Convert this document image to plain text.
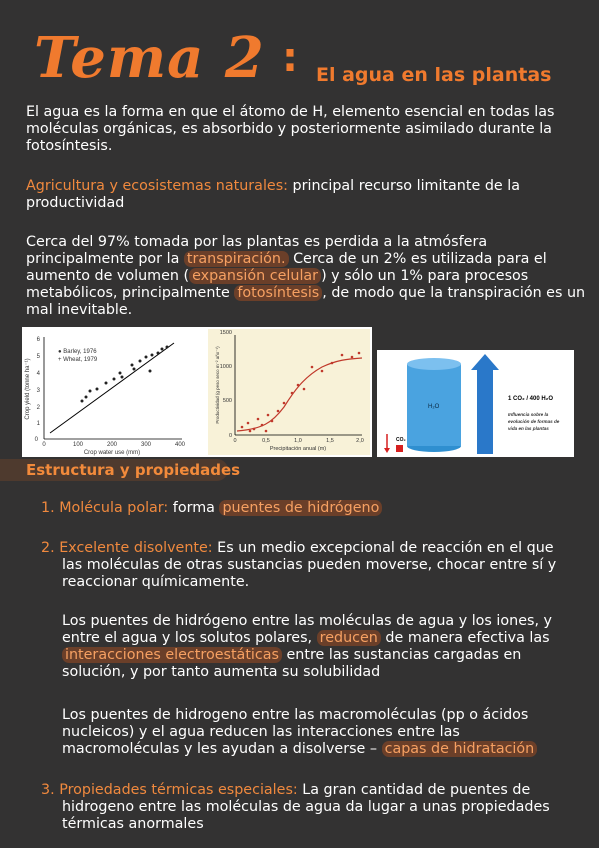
Tema 2 : El agua en las plantas
El agua es la forma en que el átomo de H, elemento esencial en todas las
moléculas orgánicas, es absorbido y posteriormente asimilado durante la
fotosíntesis.
Agricultura y ecosistemas naturales: principal recurso limitante de la
productividad
Cerca del 97% tomada por las plantas es perdida a la atmósfera
principalmente por la transpiración. Cerca de un 2% es utilizada para el
aumento de volumen ( expansión celular ) y sólo un 1% para procesos
metabólicos, principalmente fotosíntesis , de modo que la transpiración es un
mal inevitable.
0
1
2
3
4
5
6
0	100	200	300	400
Crop water use (mm)
Crop yield (tonne ha⁻¹)
● Barley, 1976
+ Wheat, 1979
0
500
1000
1500
0	0,5	1,0	1,5	2,0
Precipitación anual (m)
Productividad (g peso seco m⁻² año⁻¹)	H₂O
CO₂
1 CO₂ / 400 H₂O
Influencia sobre la
evolución de formas de
vida en las plantas
Estructura y propiedades
1. Molécula polar: forma puentes de hidrógeno
2. Excelente disolvente: Es un medio excepcional de reacción en el que
las moléculas de otras sustancias pueden moverse, chocar entre sí y
reaccionar químicamente.
Los puentes de hidrógeno entre las moléculas de agua y los iones, y
entre el agua y los solutos polares, reducen de manera efectiva las
interacciones electroestáticas entre las sustancias cargadas en
solución, y por tanto aumenta su solubilidad
Los puentes de hidrogeno entre las macromoléculas (pp o ácidos
nucleicos) y el agua reducen las interacciones entre las
macromoléculas y les ayudan a disolverse – capas de hidratación
3. Propiedades térmicas especiales: La gran cantidad de puentes de
hidrogeno entre las moléculas de agua da lugar a unas propiedades
térmicas anormales
